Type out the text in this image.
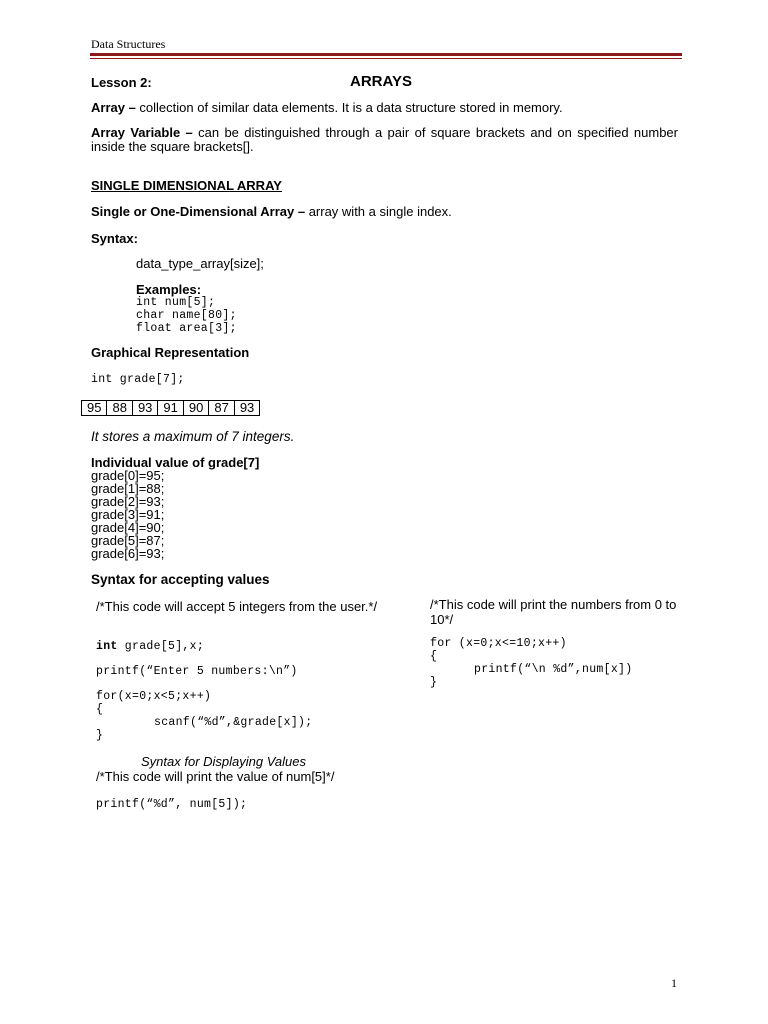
Data Structures
Lesson 2:	ARRAYS
Array – collection of similar data elements. It is a data structure stored in memory.
Array Variable – can be distinguished through a pair of square brackets and on specified number inside the square brackets[].
SINGLE DIMENSIONAL ARRAY
Single or One-Dimensional Array – array with a single index.
Syntax:
data_type_array[size];
Examples:
int num[5];
char name[80];
float area[3];
Graphical Representation
int grade[7];
95	88	93	91	90	87	93
It stores a maximum of 7 integers.
Individual value of grade[7]
grade[0]=95;
grade[1]=88;
grade[2]=93;
grade[3]=91;
grade[4]=90;
grade[5]=87;
grade[6]=93;
Syntax for accepting values
/*This code will accept 5 integers from the user.*/
int grade[5],x;
printf(“Enter 5 numbers:\n”)
for(x=0;x<5;x++)
{
scanf(“%d”,&grade[x]);
}
/*This code will print the numbers from 0 to 10*/
for (x=0;x<=10;x++)
{
printf(“\n %d”,num[x])
}
Syntax for Displaying Values
/*This code will print the value of num[5]*/
printf(“%d”, num[5]);
1
